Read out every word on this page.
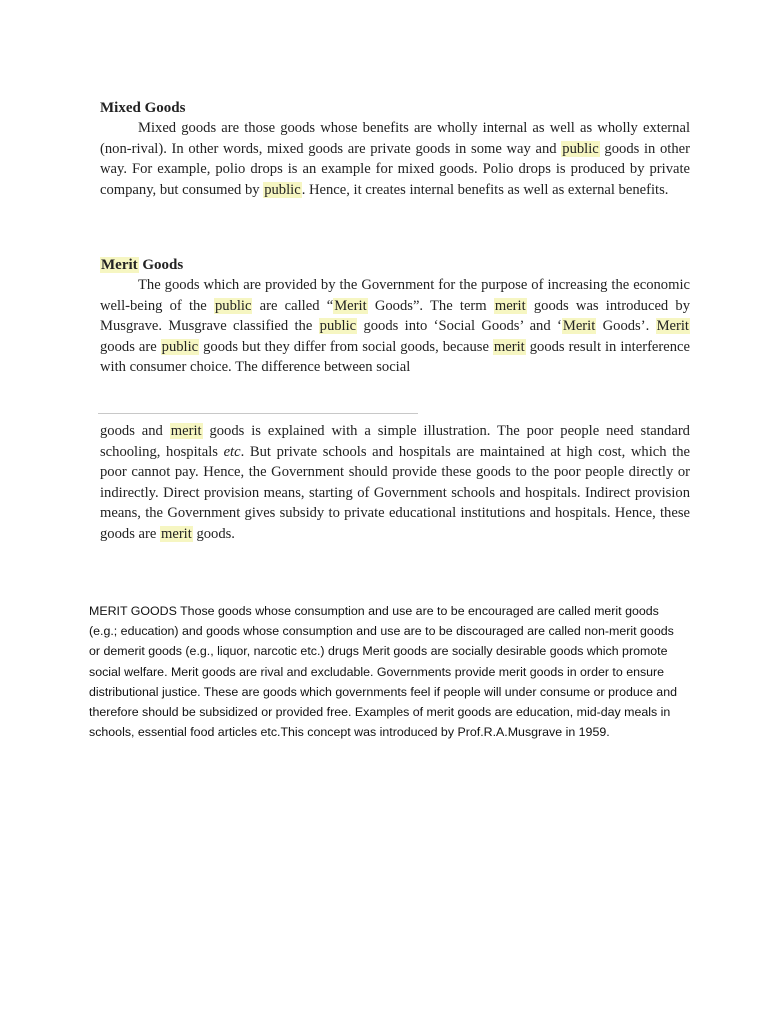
Mixed Goods

Mixed goods are those goods whose benefits are wholly internal as well as wholly external (non-rival). In other words, mixed goods are private goods in some way and public goods in other way. For example, polio drops is an example for mixed goods. Polio drops is produced by private company, but consumed by public. Hence, it creates internal benefits as well as external benefits.

Merit Goods

The goods which are provided by the Government for the purpose of increasing the economic well-being of the public are called “Merit Goods”. The term merit goods was introduced by Musgrave. Musgrave classified the public goods into ‘Social Goods’ and ‘Merit Goods’. Merit goods are public goods but they differ from social goods, because merit goods result in interference with consumer choice. The difference between social

goods and merit goods is explained with a simple illustration. The poor people need standard schooling, hospitals etc. But private schools and hospitals are maintained at high cost, which the poor cannot pay. Hence, the Government should provide these goods to the poor people directly or indirectly. Direct provision means, starting of Government schools and hospitals. Indirect provision means, the Government gives subsidy to private educational institutions and hospitals. Hence, these goods are merit goods.

MERIT GOODS Those goods whose consumption and use are to be encouraged are called merit goods (e.g.; education) and goods whose consumption and use are to be discouraged are called non-merit goods or demerit goods (e.g., liquor, narcotic etc.) drugs Merit goods are socially desirable goods which promote social welfare. Merit goods are rival and excludable. Governments provide merit goods in order to ensure distributional justice. These are goods which governments feel if people will under consume or produce and therefore should be subsidized or provided free. Examples of merit goods are education, mid-day meals in schools, essential food articles etc.This concept was introduced by Prof.R.A.Musgrave in 1959.
